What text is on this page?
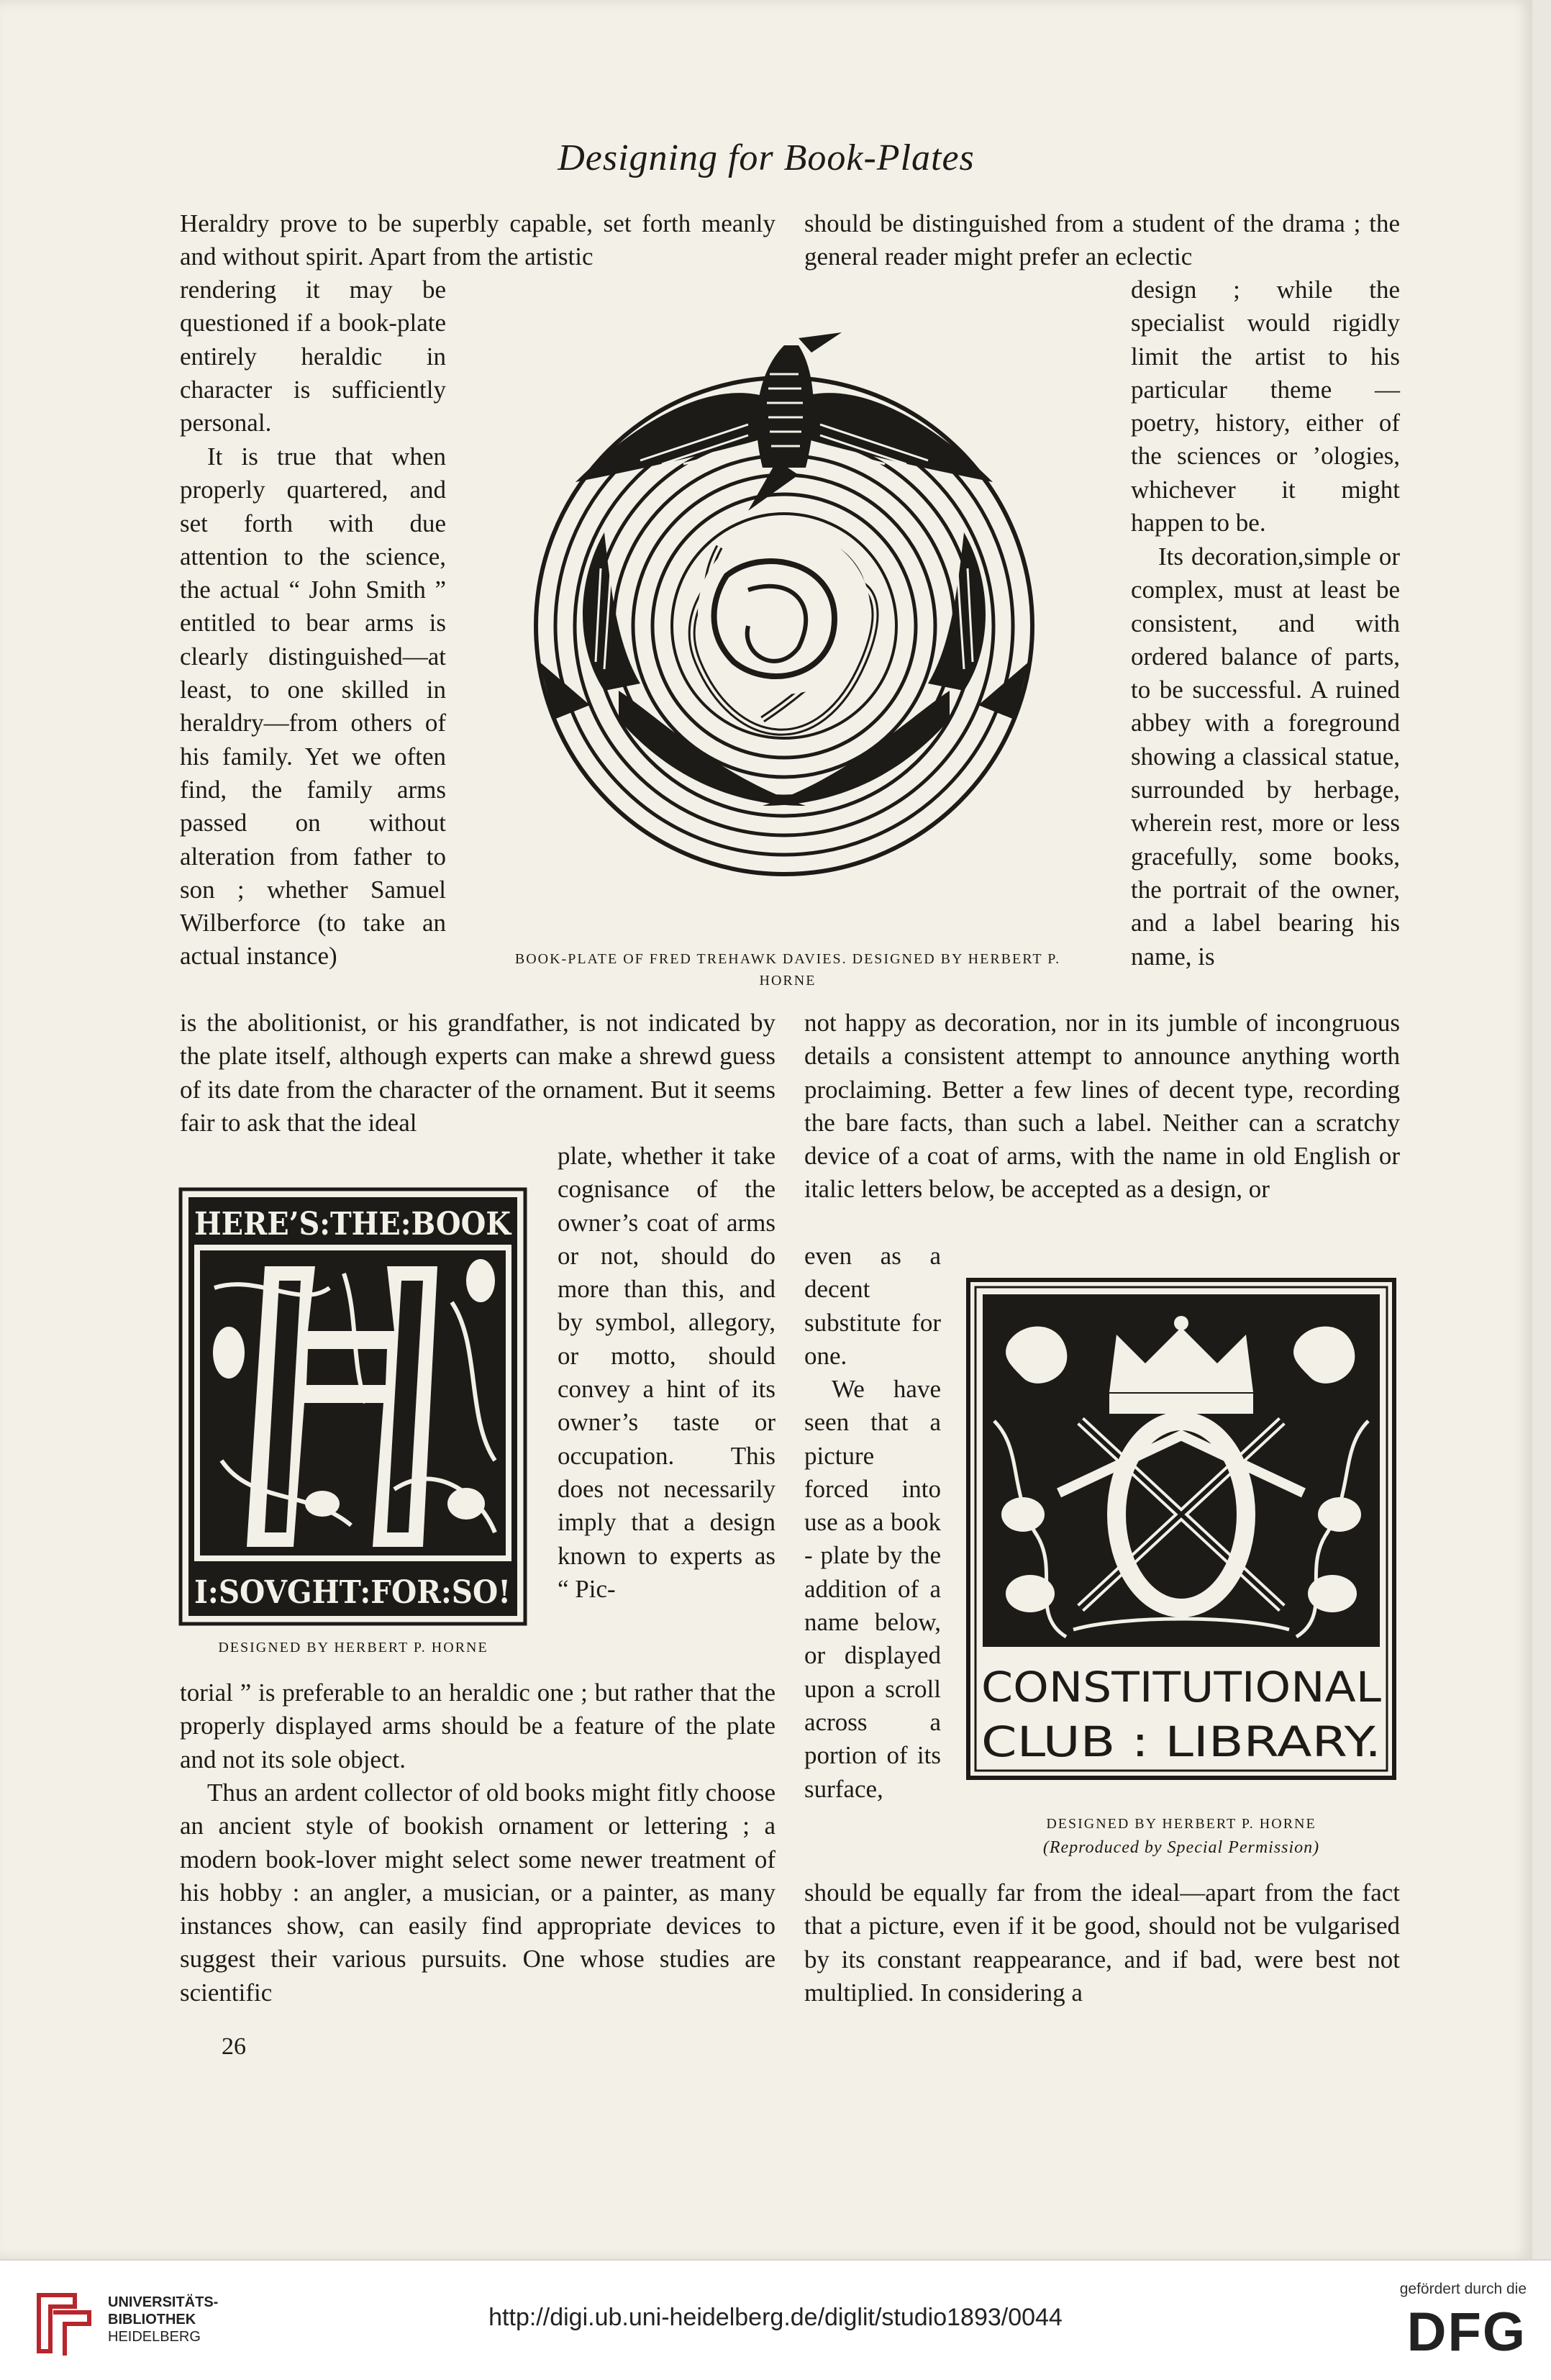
Designing for Book-Plates
Heraldry prove to be superbly capable, set forth meanly and without spirit. Apart from the artistic
rendering it may be questioned if a book-plate entirely heraldic in character is sufficiently personal.

It is true that when properly quartered, and set forth with due attention to the science, the actual “ John Smith ” entitled to bear arms is clearly distinguished—at least, to one skilled in heraldry—from others of his family. Yet we often find, the family arms passed on without alteration from father to son ; whether Samuel Wilberforce (to take an actual instance)

is the abolitionist, or his grandfather, is not indicated by the plate itself, although experts can make a shrewd guess of its date from the character of the ornament. But it seems fair to ask that the ideal
plate, whether it take cognisance of the owner’s coat of arms or not, should do more than this, and by symbol, allegory, or motto, should convey a hint of its owner’s taste or occupation. This does not necessarily imply that a design known to experts as “ Pic-
torial ” is preferable to an heraldic one ; but rather that the properly displayed arms should be a feature of the plate and not its sole object.

Thus an ardent collector of old books might fitly choose an ancient style of bookish ornament or lettering ; a modern book-lover might select some newer treatment of his hobby : an angler, a musician, or a painter, as many instances show, can easily find appropriate devices to suggest their various pursuits. One whose studies are scientific

should be distinguished from a student of the drama ; the general reader might prefer an eclectic
design ; while the specialist would rigidly limit the artist to his particular theme — poetry, history, either of the sciences or ’ologies, whichever it might happen to be.

Its decoration,simple or complex, must at least be consistent, and with ordered balance of parts, to be successful. A ruined abbey with a foreground showing a classical statue, surrounded by herbage, wherein rest, more or less gracefully, some books, the portrait of the owner, and a label bearing his name, is

not happy as decoration, nor in its jumble of incongruous details a consistent attempt to announce anything worth proclaiming. Better a few lines of decent type, recording the bare facts, than such a label. Neither can a scratchy device of a coat of arms, with the name in old English or italic letters below, be accepted as a design, or
even as a decent substitute for one.

We have seen that a picture forced into use as a book - plate by the addition of a name below, or displayed upon a scroll across a portion of its surface,

should be equally far from the ideal—apart from the fact that a picture, even if it be good, should not be vulgarised by its constant reappearance, and if bad, were best not multiplied. In considering a
BOOK-PLATE OF FRED TREHAWK DAVIES. DESIGNED BY HERBERT P. HORNE
HERE’S:THE:BOOK
I:SOVGHT:FOR:SO!
DESIGNED BY HERBERT P. HORNE
CONSTITUTIONAL
CLUB : LIBRARY.
DESIGNED BY HERBERT P. HORNE
(Reproduced by Special Permission)
26
UNIVERSITÄTS-
BIBLIOTHEK
HEIDELBERG
http://digi.ub.uni-heidelberg.de/diglit/studio1893/0044
gefördert durch die
DFG
